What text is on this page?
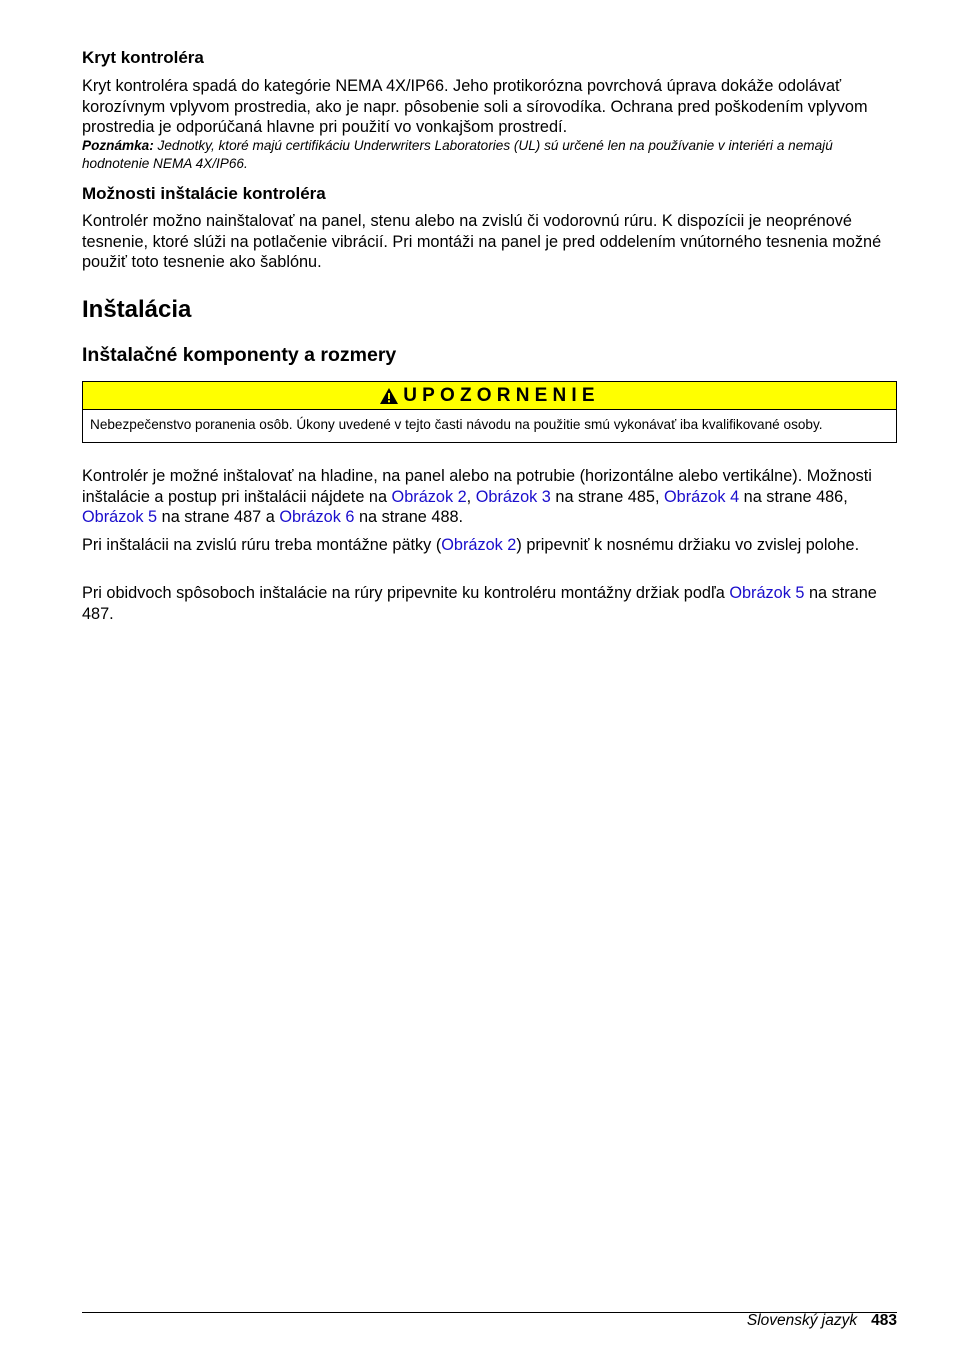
Kryt kontroléra

Kryt kontroléra spadá do kategórie NEMA 4X/IP66. Jeho protikorózna povrchová úprava dokáže odolávať korozívnym vplyvom prostredia, ako je napr. pôsobenie soli a sírovodíka. Ochrana pred poškodením vplyvom prostredia je odporúčaná hlavne pri použití vo vonkajšom prostredí.

Poznámka: Jednotky, ktoré majú certifikáciu Underwriters Laboratories (UL) sú určené len na používanie v interiéri a nemajú hodnotenie NEMA 4X/IP66.

Možnosti inštalácie kontroléra

Kontrolér možno nainštalovať na panel, stenu alebo na zvislú či vodorovnú rúru. K dispozícii je neoprénové tesnenie, ktoré slúži na potlačenie vibrácií. Pri montáži na panel je pred oddelením vnútorného tesnenia možné použiť toto tesnenie ako šablónu.

Inštalácia
Inštalačné komponenty a rozmery
UPOZORNENIE
Nebezpečenstvo poranenia osôb. Úkony uvedené v tejto časti návodu na použitie smú vykonávať iba kvalifikované osoby.

Kontrolér je možné inštalovať na hladine, na panel alebo na potrubie (horizontálne alebo vertikálne). Možnosti inštalácie a postup pri inštalácii nájdete na Obrázok 2, Obrázok 3 na strane 485, Obrázok 4 na strane 486, Obrázok 5 na strane 487 a Obrázok 6 na strane 488.

Pri inštalácii na zvislú rúru treba montážne pätky (Obrázok 2) pripevniť k nosnému držiaku vo zvislej polohe.

Pri obidvoch spôsoboch inštalácie na rúry pripevnite ku kontroléru montážny držiak podľa Obrázok 5 na strane 487.

Slovenský jazyk 483
